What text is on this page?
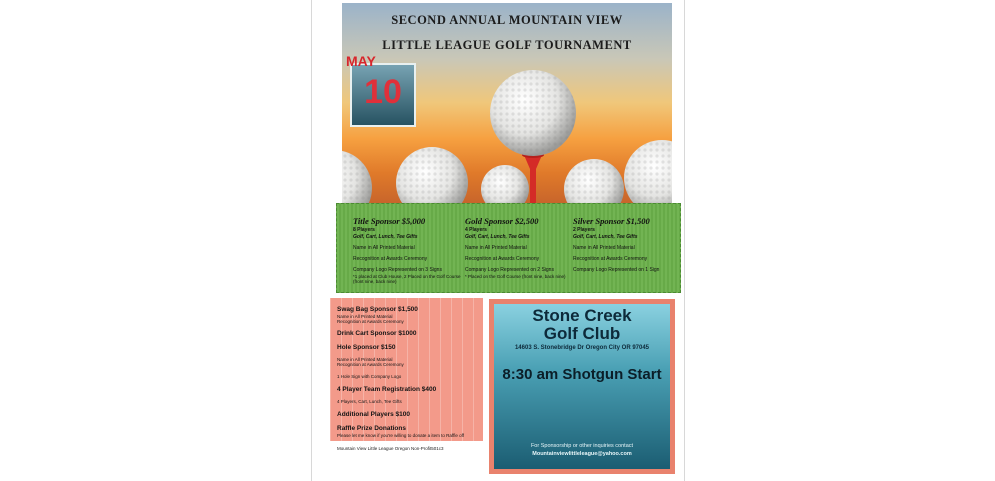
SECOND ANNUAL MOUNTAIN VIEW
LITTLE LEAGUE GOLF TOURNAMENT
10
MAY
Title Sponsor $5,000
8 Players
Golf, Cart, Lunch, Tee Gifts
Name in All Printed Material
Recognition at Awards Ceremony
Company Logo Represented on 3 Signs
*1 placed at Club House, 2 Placed on the Golf Course (front nine, back nine)
Gold Sponsor $2,500
4 Players
Golf, Cart, Lunch, Tee Gifts
Name in All Printed Material
Recognition at Awards Ceremony
Company Logo Represented on 2 Signs
* Placed on the Golf Course (front nine, back nine)
Silver Sponsor $1,500
2 Players
Golf, Cart, Lunch, Tee Gifts
Name in All Printed Material
Recognition at Awards Ceremony
Company Logo Represented on 1 Sign
Swag Bag Sponsor $1,500
Name in All Printed Material
Recognition at Awards Ceremony
Drink Cart Sponsor $1000
Hole Sponsor $150
Name in All Printed Material
Recognition at Awards Ceremony
1 Hole Sign with Company Logo
4 Player Team Registration $400
4 Players, Cart, Lunch, Tee Gifts
Additional Players $100
Raffle Prize Donations
Please let me know if you're willing to donate a item to Raffle off
Mountain View Little League Oregon Non-Profit501c3
Stone Creek
Golf Club
14603 S. Stonebridge Dr Oregon City OR 97045
8:30 am Shotgun Start
For Sponsorship or other inquiries contact
Mountainviewlittleleague@yahoo.com
